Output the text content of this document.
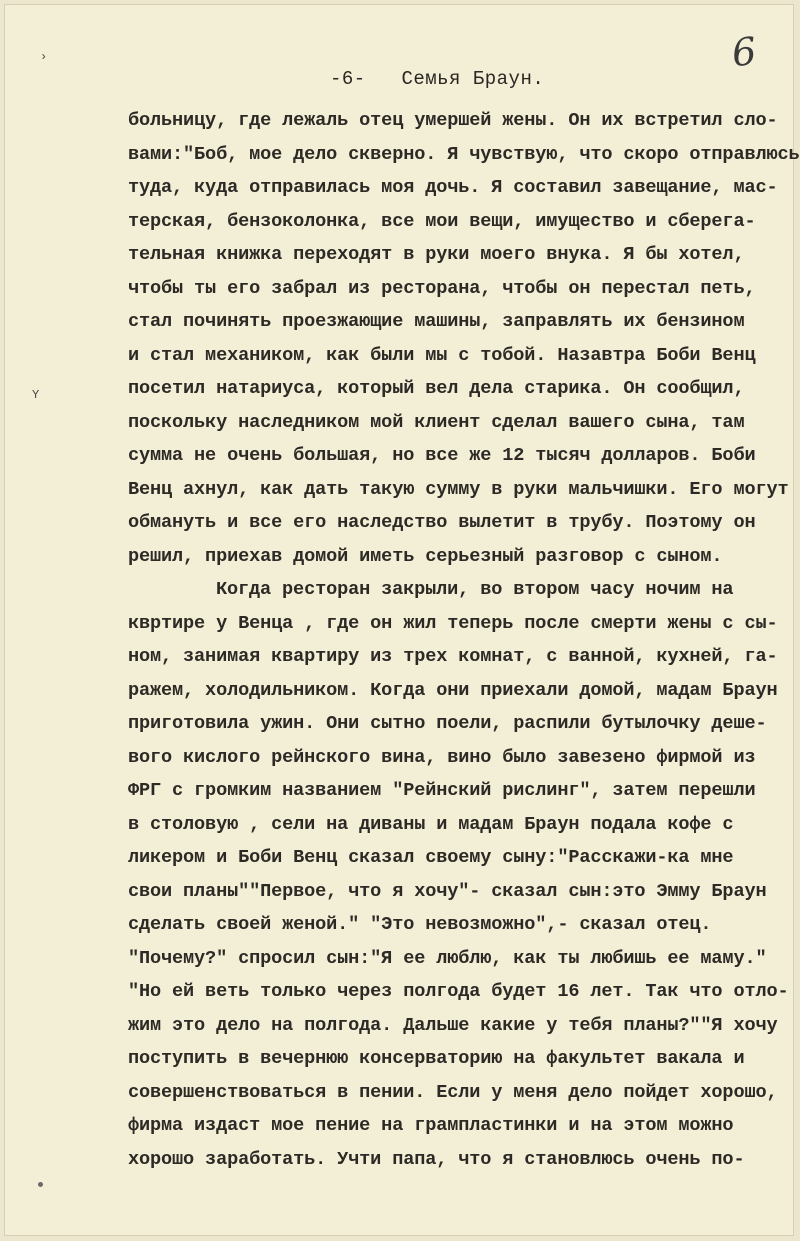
-6- Семья Браун.
6
›
Y
больницу, где лежаль отец умершей жены. Он их встретил сло-
вами:"Боб, мое дело скверно. Я чувствую, что скоро отправлюсь
туда, куда отправилась моя дочь. Я составил завещание, мас-
терская, бензоколонка, все мои вещи, имущество и сберега-
тельная книжка переходят в руки моего внука. Я бы хотел,
чтобы ты его забрал из ресторана, чтобы он перестал петь,
стал починять проезжающие машины, заправлять их бензином
и стал механиком, как были мы с тобой. Назавтра Боби Венц
посетил натариуса, который вел дела старика. Он сообщил,
поскольку наследником мой клиент сделал вашего сына, там
сумма не очень большая, но все же 12 тысяч долларов. Боби
Венц ахнул, как дать такую сумму в руки мальчишки. Его могут
обмануть и все его наследство вылетит в трубу. Поэтому он
решил, приехав домой иметь серьезный разговор с сыном.
Когда ресторан закрыли, во втором часу ночим на
квртире у Венца , где он жил теперь после смерти жены с сы-
ном, занимая квартиру из трех комнат, с ванной, кухней, га-
ражем, холодильником. Когда они приехали домой, мадам Браун
приготовила ужин. Они сытно поели, распили бутылочку деше-
вого кислого рейнского вина, вино было завезено фирмой из
ФРГ с громким названием "Рейнский рислинг", затем перешли
в столовую , сели на диваны и мадам Браун подала кофе с
ликером и Боби Венц сказал своему сыну:"Расскажи-ка мне
свои планы""Первое, что я хочу"- сказал сын:это Эмму Браун
сделать своей женой." "Это невозможно",- сказал отец.
"Почему?" спросил сын:"Я ее люблю, как ты любишь ее маму."
"Но ей веть только через полгода будет 16 лет. Так что отло-
жим это дело на полгода. Дальше какие у тебя планы?""Я хочу
поступить в вечернюю консерваторию на факультет вакала и
совершенствоваться в пении. Если у меня дело пойдет хорошо,
фирма издаст мое пение на грампластинки и на этом можно
хорошо заработать. Учти папа, что я становлюсь очень по-
